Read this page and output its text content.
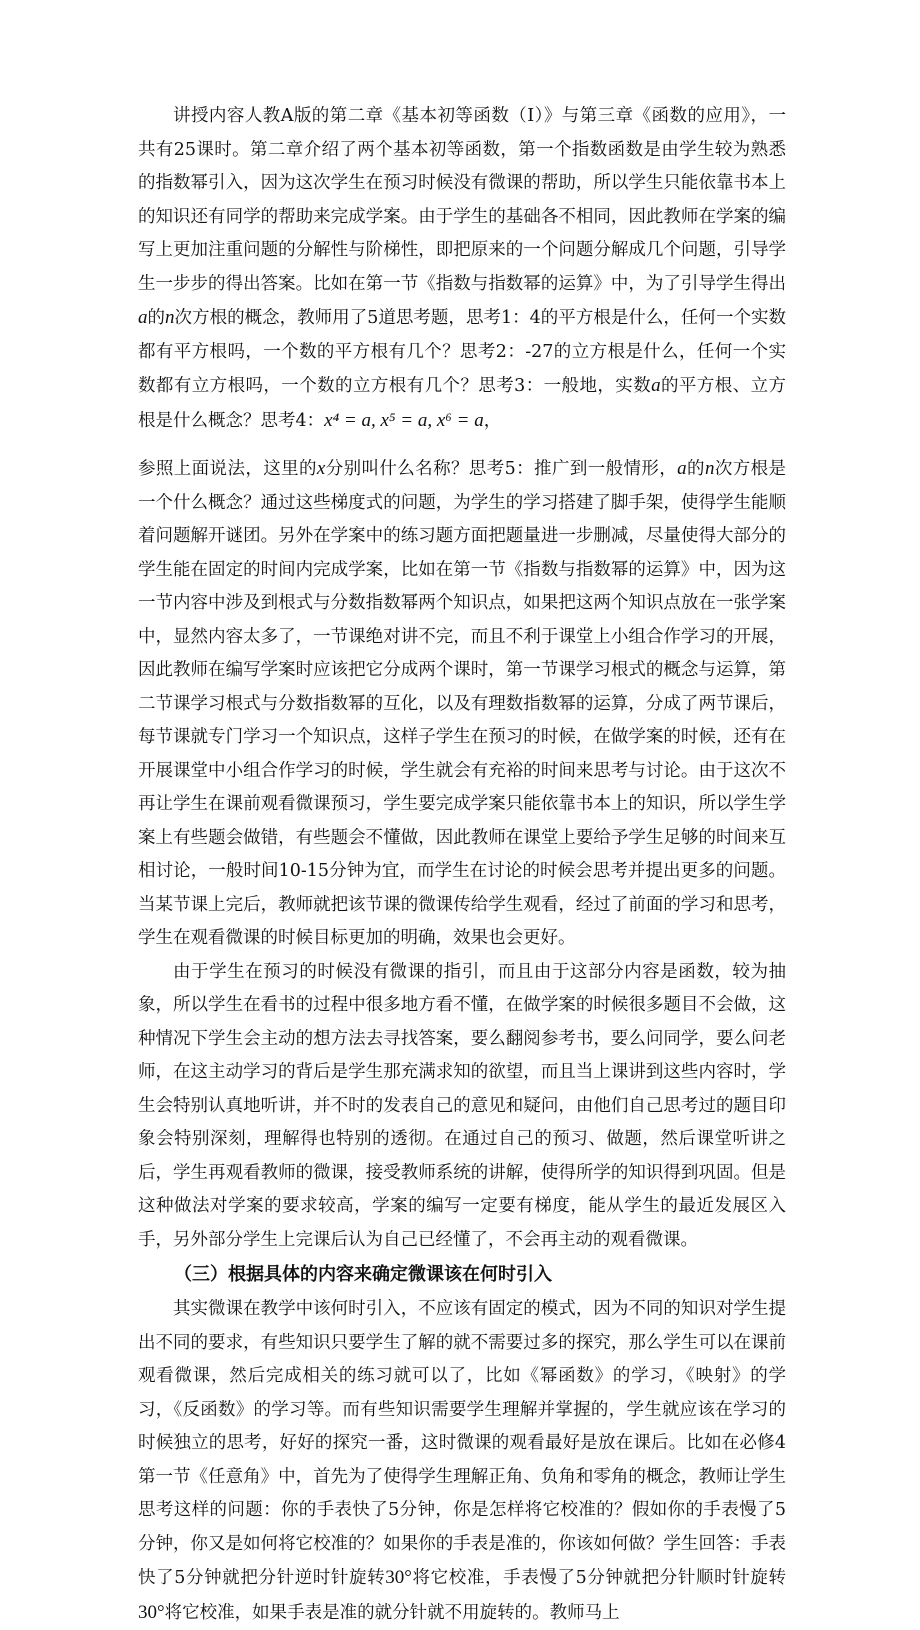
讲授内容人教A版的第二章《基本初等函数（Ⅰ）》与第三章《函数的应用》，一共有25课时。第二章介绍了两个基本初等函数，第一个指数函数是由学生较为熟悉的指数幂引入，因为这次学生在预习时候没有微课的帮助，所以学生只能依靠书本上的知识还有同学的帮助来完成学案。由于学生的基础各不相同，因此教师在学案的编写上更加注重问题的分解性与阶梯性，即把原来的一个问题分解成几个问题，引导学生一步步的得出答案。比如在第一节《指数与指数幂的运算》中，为了引导学生得出a的n次方根的概念，教师用了5道思考题，思考1：4的平方根是什么，任何一个实数都有平方根吗，一个数的平方根有几个？思考2：-27的立方根是什么，任何一个实数都有立方根吗，一个数的立方根有几个？思考3：一般地，实数a的平方根、立方根是什么概念？思考4：x⁴ = a, x⁵ = a, x⁶ = a，

参照上面说法，这里的x分别叫什么名称？思考5：推广到一般情形，a的n次方根是一个什么概念？通过这些梯度式的问题，为学生的学习搭建了脚手架，使得学生能顺着问题解开谜团。另外在学案中的练习题方面把题量进一步删减，尽量使得大部分的学生能在固定的时间内完成学案，比如在第一节《指数与指数幂的运算》中，因为这一节内容中涉及到根式与分数指数幂两个知识点，如果把这两个知识点放在一张学案中，显然内容太多了，一节课绝对讲不完，而且不利于课堂上小组合作学习的开展，因此教师在编写学案时应该把它分成两个课时，第一节课学习根式的概念与运算，第二节课学习根式与分数指数幂的互化，以及有理数指数幂的运算，分成了两节课后，每节课就专门学习一个知识点，这样子学生在预习的时候，在做学案的时候，还有在开展课堂中小组合作学习的时候，学生就会有充裕的时间来思考与讨论。由于这次不再让学生在课前观看微课预习，学生要完成学案只能依靠书本上的知识，所以学生学案上有些题会做错，有些题会不懂做，因此教师在课堂上要给予学生足够的时间来互相讨论，一般时间10-15分钟为宜，而学生在讨论的时候会思考并提出更多的问题。当某节课上完后，教师就把该节课的微课传给学生观看，经过了前面的学习和思考，学生在观看微课的时候目标更加的明确，效果也会更好。

由于学生在预习的时候没有微课的指引，而且由于这部分内容是函数，较为抽象，所以学生在看书的过程中很多地方看不懂，在做学案的时候很多题目不会做，这种情况下学生会主动的想方法去寻找答案，要么翻阅参考书，要么问同学，要么问老师，在这主动学习的背后是学生那充满求知的欲望，而且当上课讲到这些内容时，学生会特别认真地听讲，并不时的发表自己的意见和疑问，由他们自己思考过的题目印象会特别深刻，理解得也特别的透彻。在通过自己的预习、做题，然后课堂听讲之后，学生再观看教师的微课，接受教师系统的讲解，使得所学的知识得到巩固。但是这种做法对学案的要求较高，学案的编写一定要有梯度，能从学生的最近发展区入手，另外部分学生上完课后认为自己已经懂了，不会再主动的观看微课。

（三）根据具体的内容来确定微课该在何时引入

其实微课在教学中该何时引入，不应该有固定的模式，因为不同的知识对学生提出不同的要求，有些知识只要学生了解的就不需要过多的探究，那么学生可以在课前观看微课，然后完成相关的练习就可以了，比如《幂函数》的学习，《映射》的学习，《反函数》的学习等。而有些知识需要学生理解并掌握的，学生就应该在学习的时候独立的思考，好好的探究一番，这时微课的观看最好是放在课后。比如在必修4第一节《任意角》中，首先为了使得学生理解正角、负角和零角的概念，教师让学生思考这样的问题：你的手表快了5分钟，你是怎样将它校准的？假如你的手表慢了5分钟，你又是如何将它校准的？如果你的手表是准的，你该如何做？学生回答：手表快了5分钟就把分针逆时针旋转30°将它校准，手表慢了5分钟就把分针顺时针旋转30°将它校准，如果手表是准的就分针就不用旋转的。教师马上
